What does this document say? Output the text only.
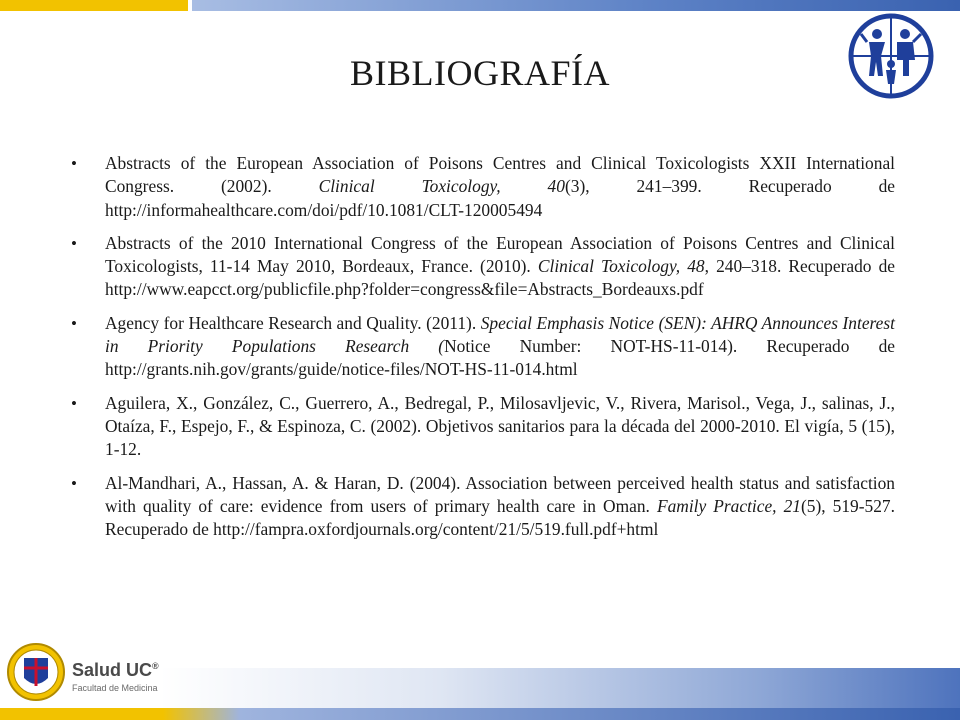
BIBLIOGRAFÍA
• Abstracts of the European Association of Poisons Centres and Clinical Toxicologists XXII International Congress. (2002). Clinical Toxicology, 40(3), 241–399. Recuperado de http://informahealthcare.com/doi/pdf/10.1081/CLT-120005494
• Abstracts of the 2010 International Congress of the European Association of Poisons Centres and Clinical Toxicologists, 11-14 May 2010, Bordeaux, France. (2010). Clinical Toxicology, 48, 240–318. Recuperado de http://www.eapcct.org/publicfile.php?folder=congress&file=Abstracts_Bordeauxs.pdf
• Agency for Healthcare Research and Quality. (2011). Special Emphasis Notice (SEN): AHRQ Announces Interest in Priority Populations Research (Notice Number: NOT-HS-11-014). Recuperado de http://grants.nih.gov/grants/guide/notice-files/NOT-HS-11-014.html
• Aguilera, X., González, C., Guerrero, A., Bedregal, P., Milosavljevic, V., Rivera, Marisol., Vega, J., salinas, J., Otaíza, F., Espejo, F., & Espinoza, C. (2002). Objetivos sanitarios para la década del 2000-2010. El vigía, 5 (15), 1-12.
• Al-Mandhari, A., Hassan, A. & Haran, D. (2004). Association between perceived health status and satisfaction with quality of care: evidence from users of primary health care in Oman. Family Practice, 21(5), 519-527. Recuperado de http://fampra.oxfordjournals.org/content/21/5/519.full.pdf+html
Salud UC®
Facultad de Medicina
